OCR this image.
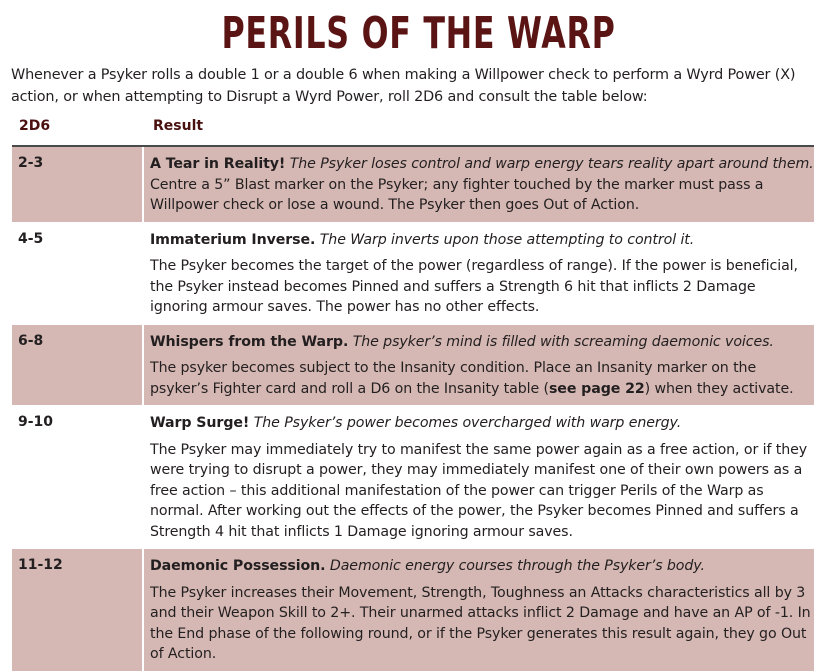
PERILS OF THE WARP
Whenever a Psyker rolls a double 1 or a double 6 when making a Willpower check to perform a Wyrd Power (X) action, or when attempting to Disrupt a Wyrd Power, roll 2D6 and consult the table below:
2D6	Result
2-3	A Tear in Reality! The Psyker loses control and warp energy tears reality apart around them.
Centre a 5” Blast marker on the Psyker; any fighter touched by the marker must pass a Willpower check or lose a wound. The Psyker then goes Out of Action.
4-5	Immaterium Inverse. The Warp inverts upon those attempting to control it.
The Psyker becomes the target of the power (regardless of range). If the power is beneficial, the Psyker instead becomes Pinned and suffers a Strength 6 hit that inflicts 2 Damage ignoring armour saves. The power has no other effects.
6-8	Whispers from the Warp. The psyker’s mind is filled with screaming daemonic voices.
The psyker becomes subject to the Insanity condition. Place an Insanity marker on the psyker’s Fighter card and roll a D6 on the Insanity table (see page 22) when they activate.
9-10	Warp Surge! The Psyker’s power becomes overcharged with warp energy.
The Psyker may immediately try to manifest the same power again as a free action, or if they were trying to disrupt a power, they may immediately manifest one of their own powers as a free action – this additional manifestation of the power can trigger Perils of the Warp as normal. After working out the effects of the power, the Psyker becomes Pinned and suffers a Strength 4 hit that inflicts 1 Damage ignoring armour saves.
11-12	Daemonic Possession. Daemonic energy courses through the Psyker’s body.
The Psyker increases their Movement, Strength, Toughness an Attacks characteristics all by 3 and their Weapon Skill to 2+. Their unarmed attacks inflict 2 Damage and have an AP of -1. In the End phase of the following round, or if the Psyker generates this result again, they go Out of Action.
